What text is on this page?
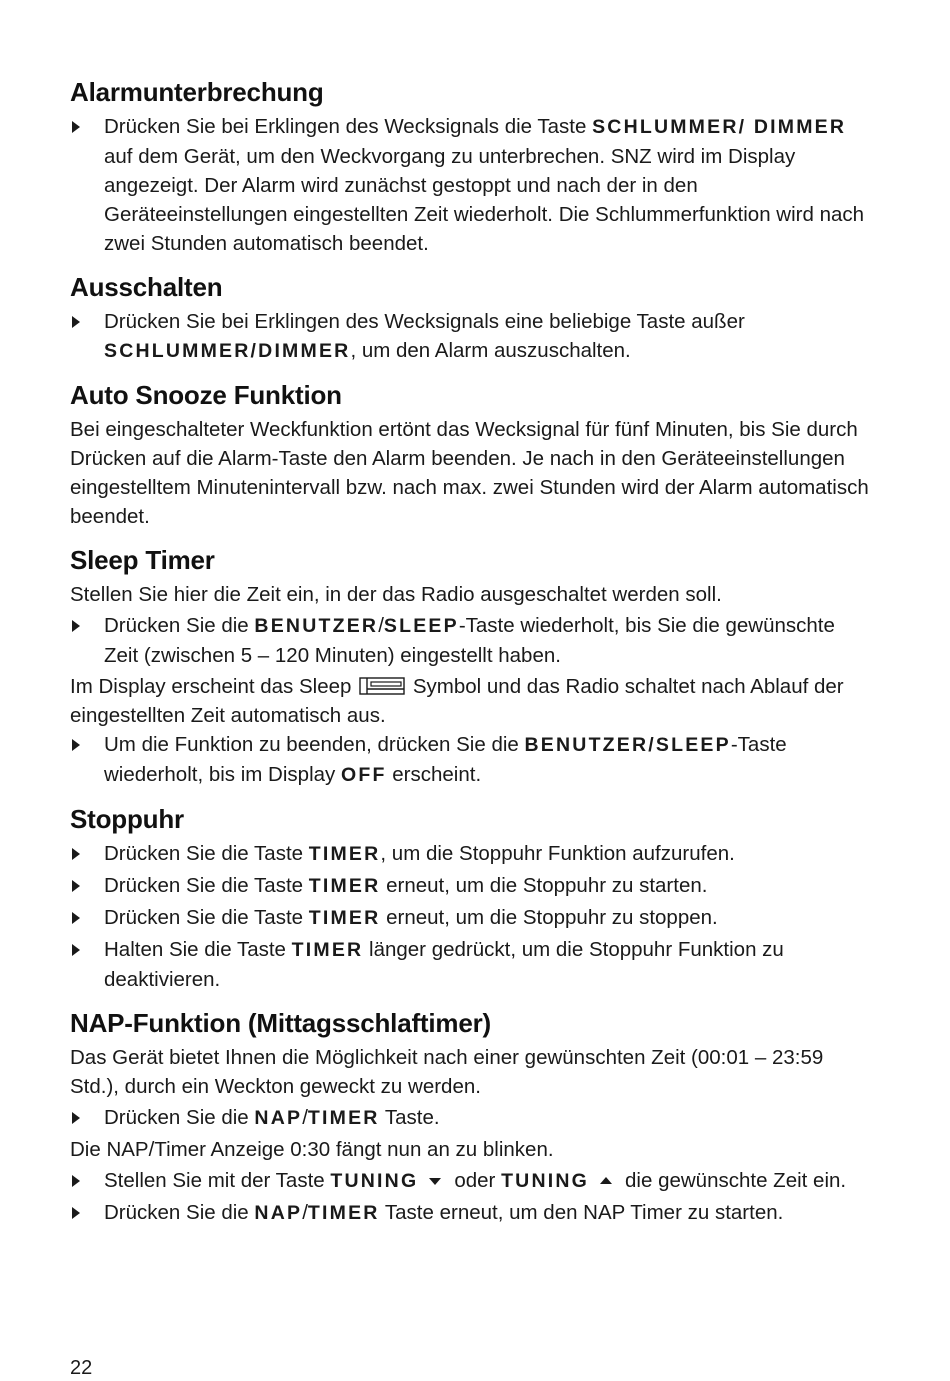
Alarmunterbrechung
Drücken Sie bei Erklingen des Wecksignals die Taste SCHLUMMER/ DIMMER auf dem Gerät, um den Weckvorgang zu unterbrechen. SNZ wird im Display angezeigt. Der Alarm wird zunächst gestoppt und nach der in den Geräteeinstellungen eingestellten Zeit wiederholt. Die Schlummerfunktion wird nach zwei Stunden automatisch beendet.
Ausschalten
Drücken Sie bei Erklingen des Wecksignals eine beliebige Taste außer SCHLUMMER/DIMMER, um den Alarm auszuschalten.
Auto Snooze Funktion

Bei eingeschalteter Weckfunktion ertönt das Wecksignal für fünf Minuten, bis Sie durch Drücken auf die Alarm-Taste den Alarm beenden. Je nach in den Geräteeinstellungen eingestelltem Minutenintervall bzw. nach max. zwei Stunden wird der Alarm automatisch beendet.

Sleep Timer

Stellen Sie hier die Zeit ein, in der das Radio ausgeschaltet werden soll.

Drücken Sie die BENUTZER/SLEEP-Taste wiederholt, bis Sie die gewünschte Zeit (zwischen 5 – 120 Minuten) eingestellt haben.

Im Display erscheint das Sleep	Symbol und das Radio schaltet nach Ablauf der eingestellten Zeit automatisch aus.

Um die Funktion zu beenden, drücken Sie die BENUTZER/SLEEP-Taste wiederholt, bis im Display OFF erscheint.
Stoppuhr
Drücken Sie die Taste TIMER, um die Stoppuhr Funktion aufzurufen.
Drücken Sie die Taste TIMER erneut, um die Stoppuhr zu starten.
Drücken Sie die Taste TIMER erneut, um die Stoppuhr zu stoppen.
Halten Sie die Taste TIMER länger gedrückt, um die Stoppuhr Funktion zu deaktivieren.
NAP-Funktion (Mittagsschlaftimer)

Das Gerät bietet Ihnen die Möglichkeit nach einer gewünschten Zeit (00:01 – 23:59 Std.), durch ein Weckton geweckt zu werden.

Drücken Sie die NAP/TIMER Taste.

Die NAP/Timer Anzeige 0:30 fängt nun an zu blinken.

Stellen Sie mit der Taste TUNING oder TUNING die gewünschte Zeit ein.
Drücken Sie die NAP/TIMER Taste erneut, um den NAP Timer zu starten.
22
